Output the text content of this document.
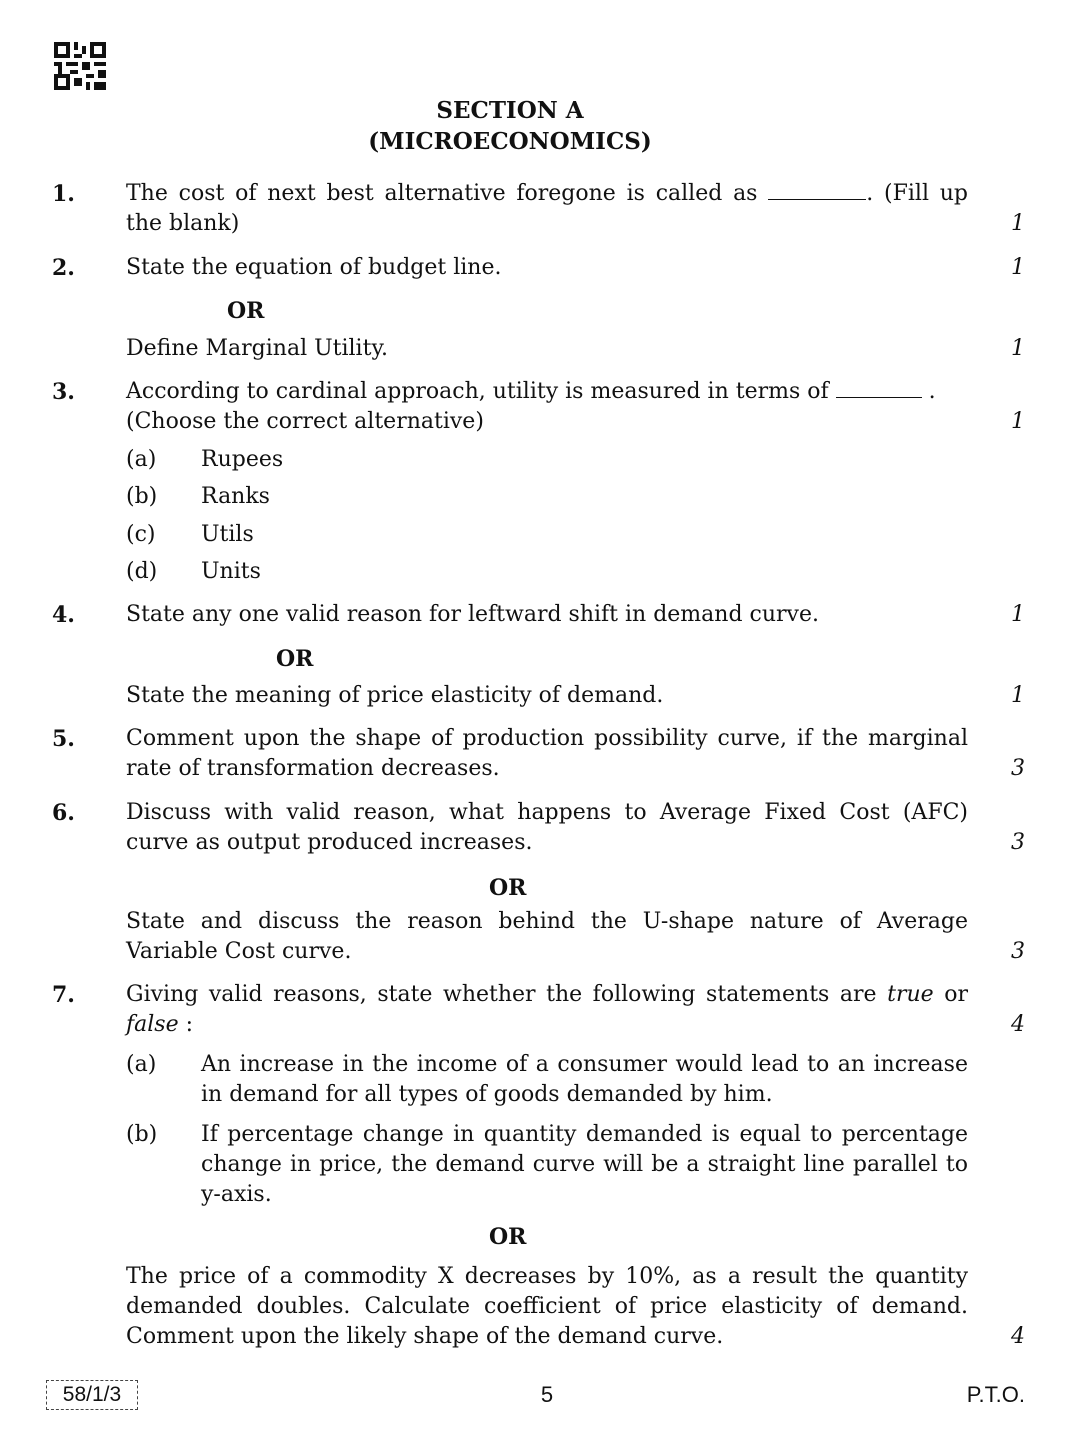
SECTION A
(MICROECONOMICS)
1. The cost of next best alternative foregone is called as	. (Fill up
the blank)	1
2. State the equation of budget line.	1
OR
Define Marginal Utility.	1
3. According to cardinal approach, utility is measured in terms of	.
(Choose the correct alternative)	1
(a) Rupees
(b) Ranks
(c) Utils
(d) Units
4. State any one valid reason for leftward shift in demand curve.	1
OR
State the meaning of price elasticity of demand.	1
5. Comment upon the shape of production possibility curve, if the marginal rate of transformation decreases.	3
6. Discuss with valid reason, what happens to Average Fixed Cost (AFC) curve as output produced increases.	3
OR
State and discuss the reason behind the U-shape nature of Average Variable Cost curve.	3
7. Giving valid reasons, state whether the following statements are true or
false :	4
(a) An increase in the income of a consumer would lead to an increase in demand for all types of goods demanded by him.
(b) If percentage change in quantity demanded is equal to percentage change in price, the demand curve will be a straight line parallel to y-axis.
OR
The price of a commodity X decreases by 10%, as a result the quantity demanded doubles. Calculate coefficient of price elasticity of demand. Comment upon the likely shape of the demand curve.	4
58/1/3	5	P.T.O.
